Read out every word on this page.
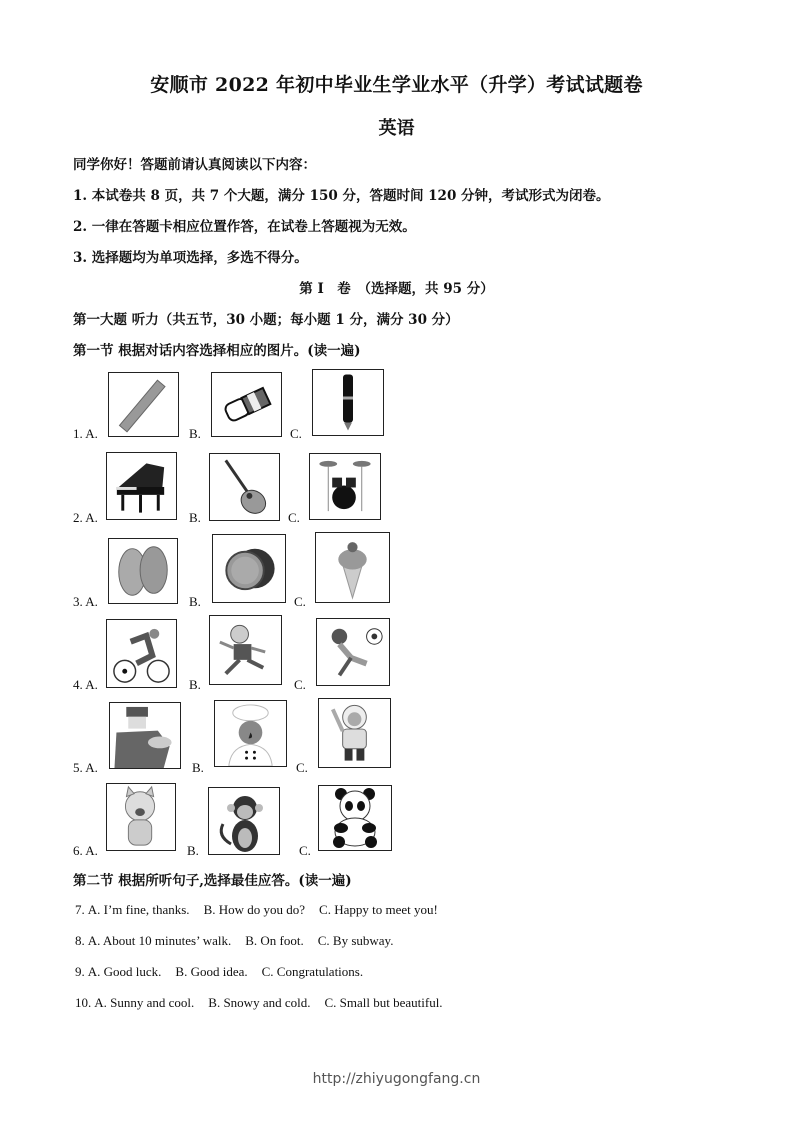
安顺市 2022 年初中毕业生学业水平（升学）考试试题卷
英语
同学你好！答题前请认真阅读以下内容：
1. 本试卷共 8 页，共 7 个大题，满分 150 分，答题时间 120 分钟，考试形式为闭卷。
2. 一律在答题卡相应位置作答，在试卷上答题视为无效。
3. 选择题均为单项选择，多选不得分。
第 I　卷　（选择题，共 95 分）
第一大题 听力（共五节，30 小题；每小题 1 分，满分 30 分）
第一节 根据对话内容选择相应的图片。(读一遍)
1. A.	B.	C.
2. A.	B.	C.
3. A.	B.	C.
4. A.	B.	C.
5. A.	B.	C.
6. A.	B.	C.
第二节 根据所听句子,选择最佳应答。(读一遍)
7. A. I’m fine, thanks. B. How do you do? C. Happy to meet you!
8. A. About 10 minutes’ walk. B. On foot. C. By subway.
9. A. Good luck. B. Good idea. C. Congratulations.
10. A. Sunny and cool. B. Snowy and cold. C. Small but beautiful.
http://zhiyugongfang.cn
